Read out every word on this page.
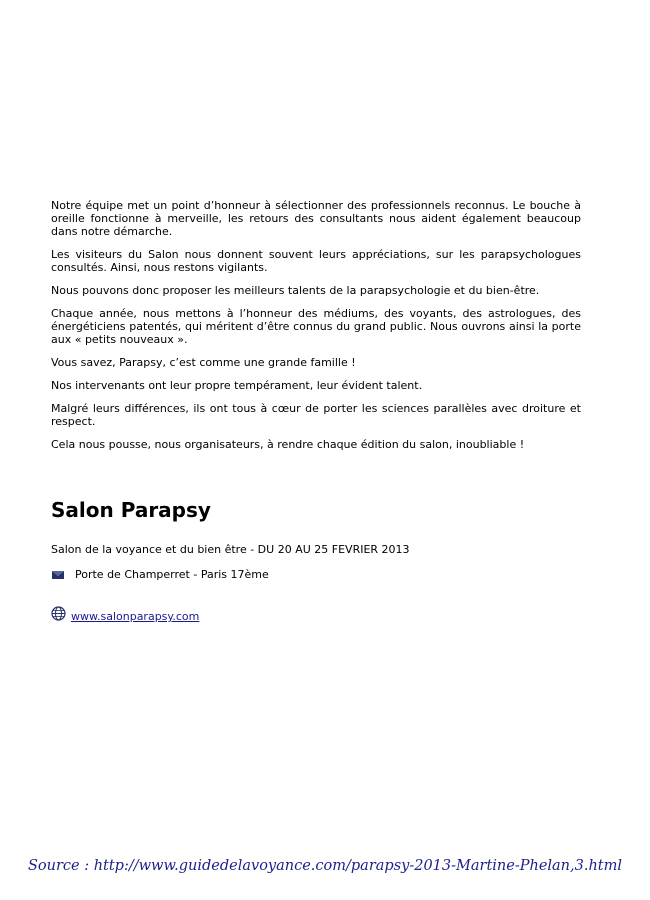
Notre équipe met un point d’honneur à sélectionner des professionnels reconnus. Le bouche à oreille fonctionne à merveille, les retours des consultants nous aident également beaucoup dans notre démarche.

Les visiteurs du Salon nous donnent souvent leurs appréciations, sur les parapsychologues consultés. Ainsi, nous restons vigilants.

Nous pouvons donc proposer les meilleurs talents de la parapsychologie et du bien-être.

Chaque année, nous mettons à l’honneur des médiums, des voyants, des astrologues, des énergéticiens patentés, qui méritent d’être connus du grand public. Nous ouvrons ainsi la porte aux « petits nouveaux ».

Vous savez, Parapsy, c’est comme une grande famille !

Nos intervenants ont leur propre tempérament, leur évident talent.

Malgré leurs différences, ils ont tous à cœur de porter les sciences parallèles avec droiture et respect.

Cela nous pousse, nous organisateurs, à rendre chaque édition du salon, inoubliable !

Salon Parapsy
Salon de la voyance et du bien être - DU 20 AU 25 FEVRIER 2013
Porte de Champerret - Paris 17ème
www.salonparapsy.com
Source : http://www.guidedelavoyance.com/parapsy-2013-Martine-Phelan,3.html
